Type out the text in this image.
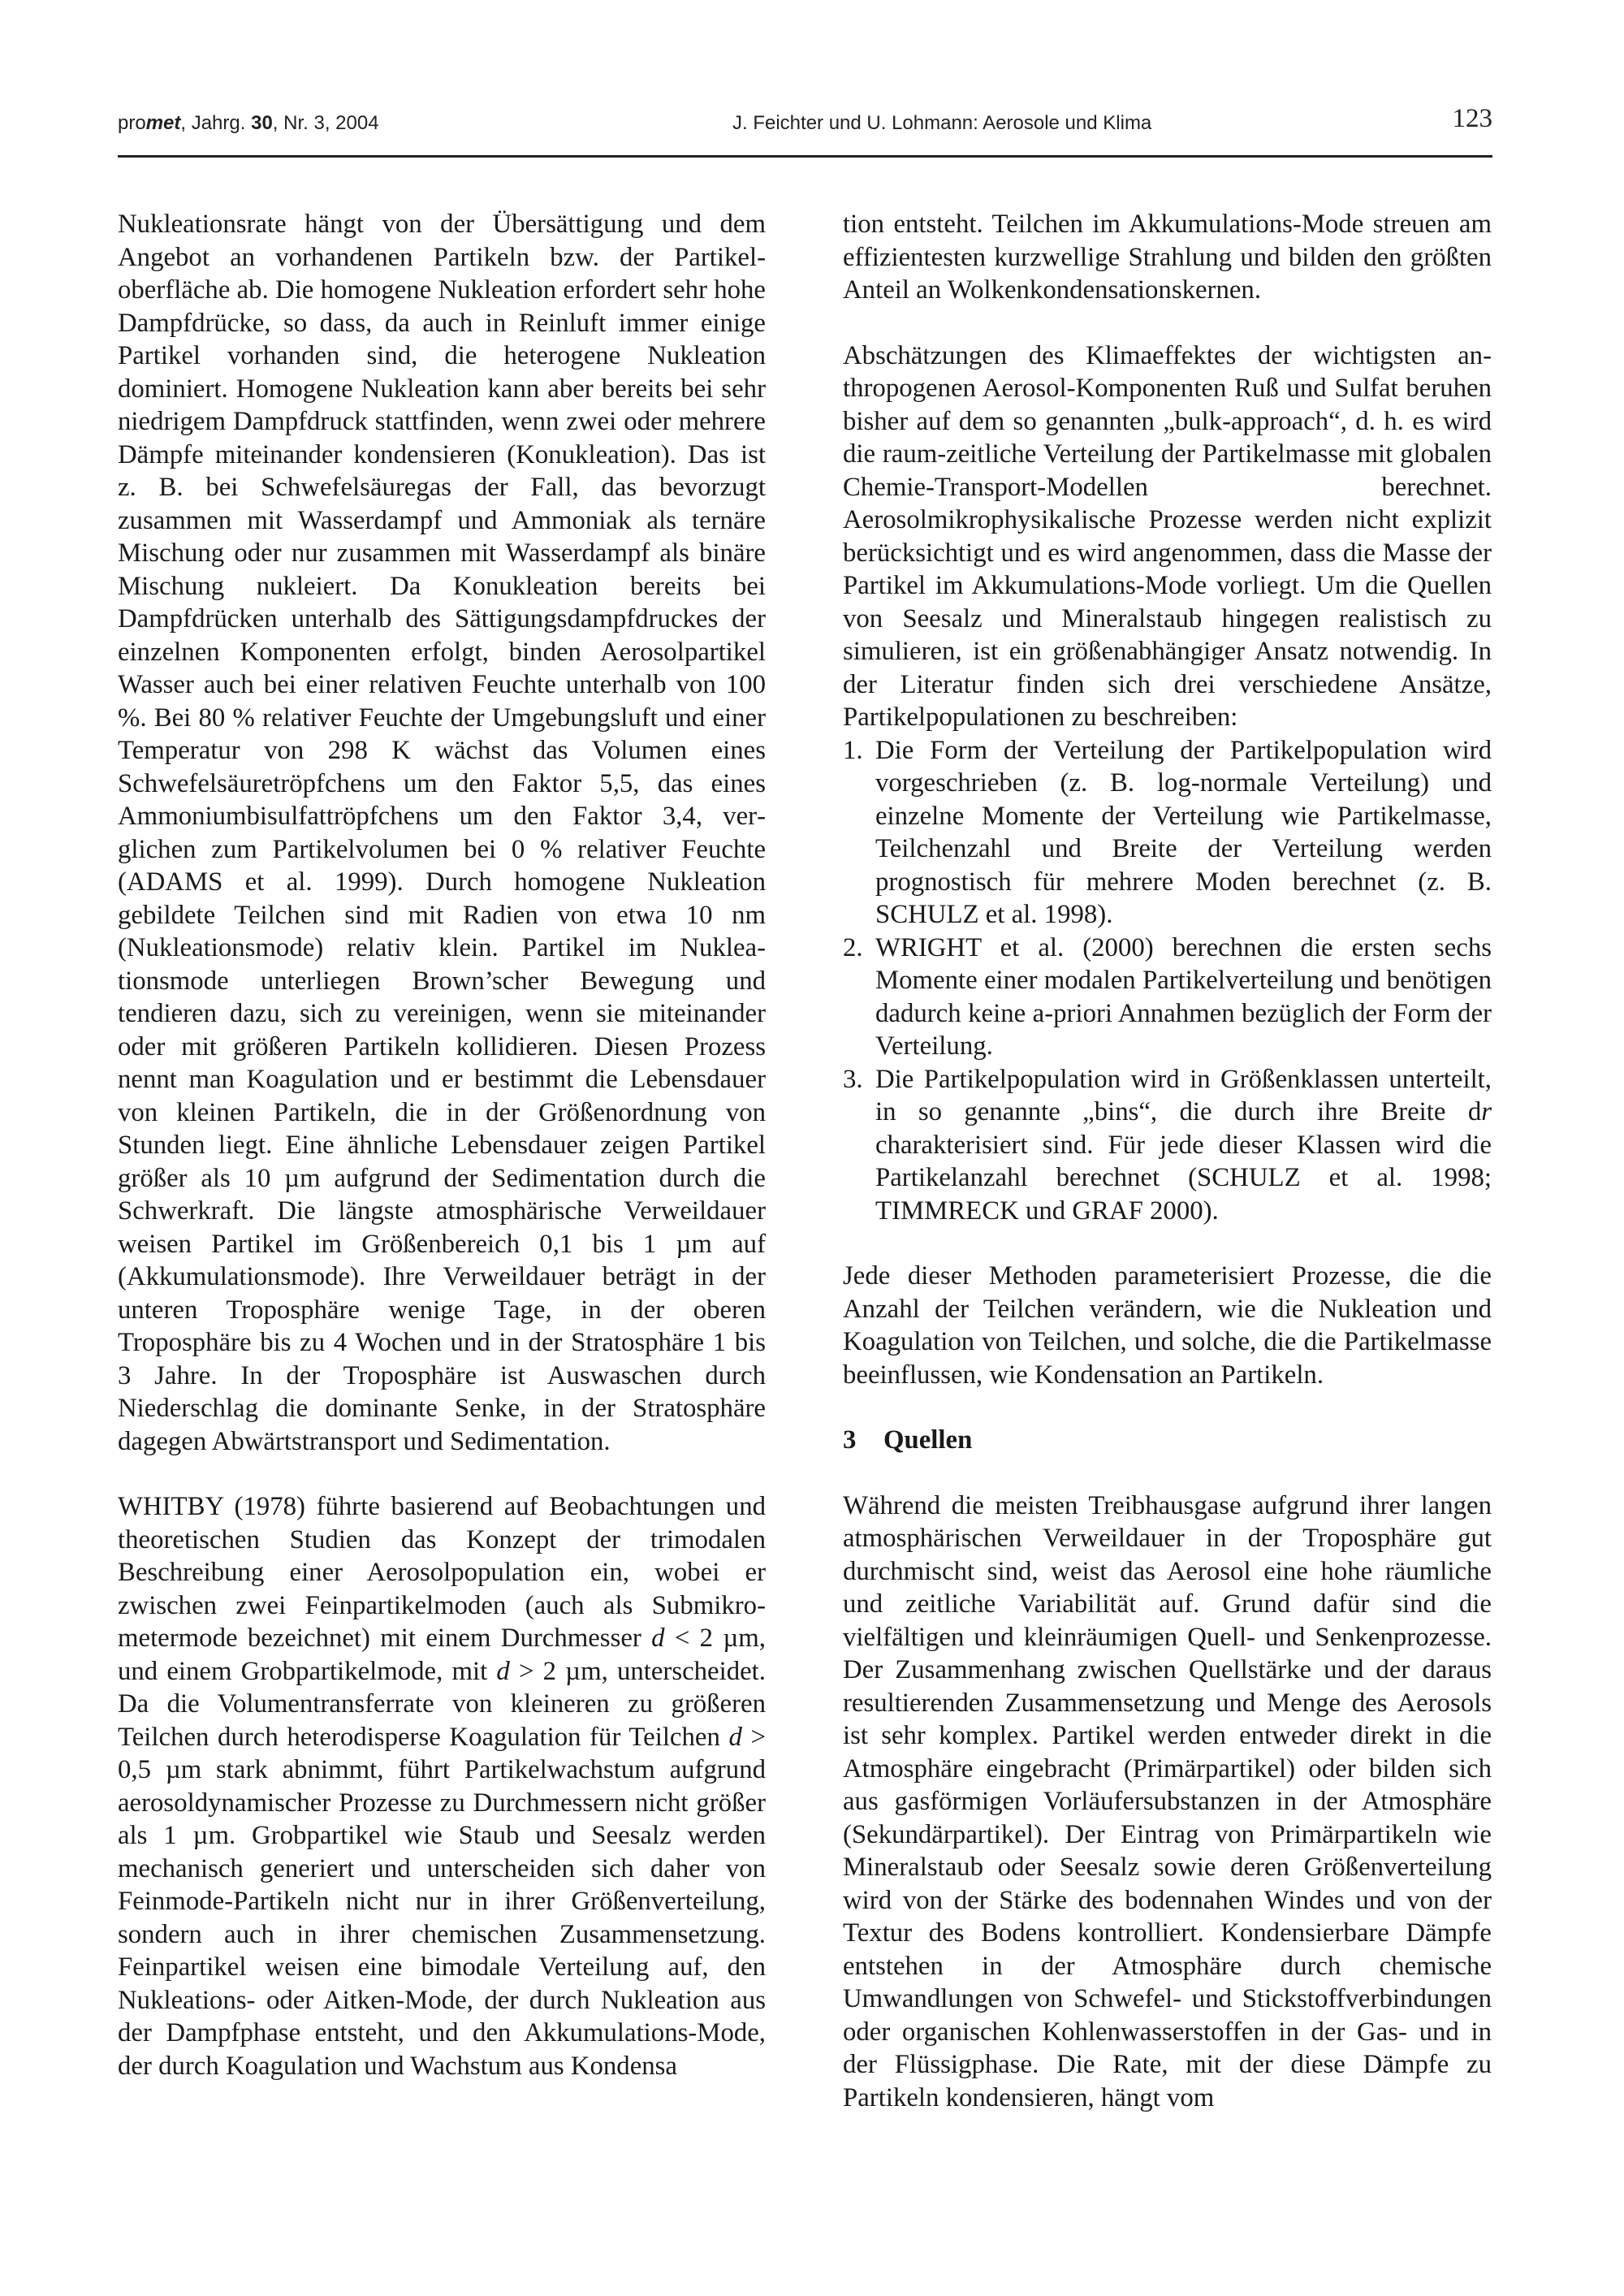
promet, Jahrg. 30, Nr. 3, 2004	J. Feichter und U. Lohmann: Aerosole und Klima	123

Nukleationsrate hängt von der Übersättigung und dem Angebot an vorhandenen Partikeln bzw. der Partikeloberfläche ab. Die homogene Nukleation erfordert sehr hohe Dampfdrücke, so dass, da auch in Reinluft immer einige Partikel vorhanden sind, die heterogene Nukleation dominiert. Homogene Nukleation kann aber bereits bei sehr niedrigem Dampfdruck stattfinden, wenn zwei oder mehrere Dämpfe miteinander kondensieren (Konukleation). Das ist z. B. bei Schwefelsäuregas der Fall, das bevorzugt zusammen mit Wasserdampf und Ammoniak als ternäre Mischung oder nur zusammen mit Wasserdampf als binäre Mischung nukleiert. Da Konukleation bereits bei Dampfdrücken unterhalb des Sättigungsdampfdruckes der einzelnen Komponenten erfolgt, binden Aerosolpartikel Wasser auch bei einer relativen Feuchte unterhalb von 100 %. Bei 80 % relativer Feuchte der Umgebungsluft und einer Temperatur von 298 K wächst das Volumen eines Schwefelsäuretröpfchens um den Faktor 5,5, das eines Ammoniumbisulfattröpfchens um den Faktor 3,4, verglichen zum Partikelvolumen bei 0 % relativer Feuchte (ADAMS et al. 1999). Durch homogene Nukleation gebildete Teilchen sind mit Radien von etwa 10 nm (Nukleationsmode) relativ klein. Partikel im Nukleationsmode unterliegen Brown’scher Bewegung und tendieren dazu, sich zu vereinigen, wenn sie miteinander oder mit größeren Partikeln kollidieren. Diesen Prozess nennt man Koagulation und er bestimmt die Lebensdauer von kleinen Partikeln, die in der Größenordnung von Stunden liegt. Eine ähnliche Lebensdauer zeigen Partikel größer als 10 µm aufgrund der Sedimentation durch die Schwerkraft. Die längste atmosphärische Verweildauer weisen Partikel im Größenbereich 0,1 bis 1 µm auf (Akkumulationsmode). Ihre Verweildauer beträgt in der unteren Troposphäre wenige Tage, in der oberen Troposphäre bis zu 4 Wochen und in der Stratosphäre 1 bis 3 Jahre. In der Troposphäre ist Auswaschen durch Niederschlag die dominante Senke, in der Stratosphäre dagegen Abwärtstransport und Sedimentation.

WHITBY (1978) führte basierend auf Beobachtungen und theoretischen Studien das Konzept der trimodalen Beschreibung einer Aerosolpopulation ein, wobei er zwischen zwei Feinpartikelmoden (auch als Submikrometermode bezeichnet) mit einem Durchmesser d < 2 µm, und einem Grobpartikelmode, mit d > 2 µm, unterscheidet. Da die Volumentransferrate von kleineren zu größeren Teilchen durch heterodisperse Koagulation für Teilchen d > 0,5 µm stark abnimmt, führt Partikelwachstum aufgrund aerosoldynamischer Prozesse zu Durchmessern nicht größer als 1 µm. Grobpartikel wie Staub und Seesalz werden mechanisch generiert und unterscheiden sich daher von Feinmode-Partikeln nicht nur in ihrer Größenverteilung, sondern auch in ihrer chemischen Zusammensetzung. Feinpartikel weisen eine bimodale Verteilung auf, den Nukleations- oder Aitken-Mode, der durch Nukleation aus der Dampfphase entsteht, und den Akkumulations-Mode, der durch Koagulation und Wachstum aus Kondensa

tion entsteht. Teilchen im Akkumulations-Mode streuen am effizientesten kurzwellige Strahlung und bilden den größten Anteil an Wolkenkondensationskernen.

Abschätzungen des Klimaeffektes der wichtigsten anthropogenen Aerosol-Komponenten Ruß und Sulfat beruhen bisher auf dem so genannten „bulk-approach“, d. h. es wird die raum-zeitliche Verteilung der Partikelmasse mit globalen Chemie-Transport-Modellen berechnet. Aerosolmikrophysikalische Prozesse werden nicht explizit berücksichtigt und es wird angenommen, dass die Masse der Partikel im Akkumulations-Mode vorliegt. Um die Quellen von Seesalz und Mineralstaub hingegen realistisch zu simulieren, ist ein größenabhängiger Ansatz notwendig. In der Literatur finden sich drei verschiedene Ansätze, Partikelpopulationen zu beschreiben:

1. Die Form der Verteilung der Partikelpopulation wird vorgeschrieben (z. B. log-normale Verteilung) und einzelne Momente der Verteilung wie Partikelmasse, Teilchenzahl und Breite der Verteilung werden prognostisch für mehrere Moden berechnet (z. B. SCHULZ et al. 1998).
2. WRIGHT et al. (2000) berechnen die ersten sechs Momente einer modalen Partikelverteilung und benötigen dadurch keine a-priori Annahmen bezüglich der Form der Verteilung.
3. Die Partikelpopulation wird in Größenklassen unterteilt, in so genannte „bins“, die durch ihre Breite dr charakterisiert sind. Für jede dieser Klassen wird die Partikelanzahl berechnet (SCHULZ et al. 1998; TIMMRECK und GRAF 2000).

Jede dieser Methoden parameterisiert Prozesse, die die Anzahl der Teilchen verändern, wie die Nukleation und Koagulation von Teilchen, und solche, die die Partikelmasse beeinflussen, wie Kondensation an Partikeln.

3 Quellen

Während die meisten Treibhausgase aufgrund ihrer langen atmosphärischen Verweildauer in der Troposphäre gut durchmischt sind, weist das Aerosol eine hohe räumliche und zeitliche Variabilität auf. Grund dafür sind die vielfältigen und kleinräumigen Quell- und Senkenprozesse. Der Zusammenhang zwischen Quellstärke und der daraus resultierenden Zusammensetzung und Menge des Aerosols ist sehr komplex. Partikel werden entweder direkt in die Atmosphäre eingebracht (Primärpartikel) oder bilden sich aus gasförmigen Vorläufersubstanzen in der Atmosphäre (Sekundärpartikel). Der Eintrag von Primärpartikeln wie Mineralstaub oder Seesalz sowie deren Größenverteilung wird von der Stärke des bodennahen Windes und von der Textur des Bodens kontrolliert. Kondensierbare Dämpfe entstehen in der Atmosphäre durch chemische Umwandlungen von Schwefel- und Stickstoffverbindungen oder organischen Kohlenwasserstoffen in der Gas- und in der Flüssigphase. Die Rate, mit der diese Dämpfe zu Partikeln kondensieren, hängt vom
